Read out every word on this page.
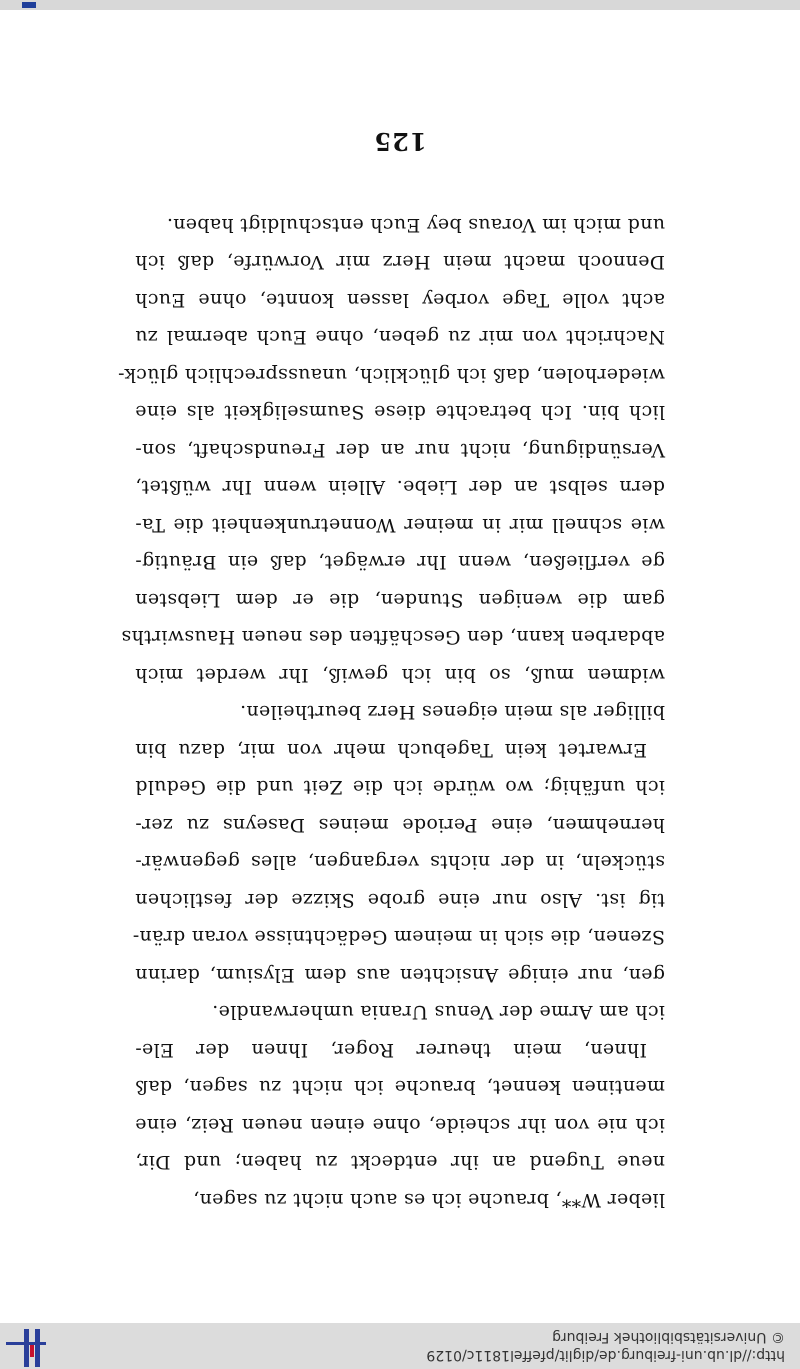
http://dl.ub.uni-freiburg.de/diglit/pfeffel1811c/0129
© Universitätsbibliothek Freiburg
125
und mich im Voraus bey Euch entschuldigt haben.
Dennoch macht mein Herz mir Vorwürfe, daß ich
acht volle Tage vorbey lassen konnte, ohne Euch
Nachricht von mir zu geben, ohne Euch abermal zu
wiederholen, daß ich glücklich, unaussprechlich glück-
lich bin. Ich betrachte diese Saumseligkeit als eine
Versündigung, nicht nur an der Freundschaft, son-
dern selbst an der Liebe. Allein wenn Ihr wüßtet,
wie schnell mir in meiner Wonnetrunkenheit die Ta-
ge verfließen, wenn Ihr erwäget, daß ein Bräutig-
gam die wenigen Stunden, die er dem Liebsten
abdarben kann, den Geschäften des neuen Hauswirths
widmen muß, so bin ich gewiß, Ihr werdet mich
billiger als mein eigenes Herz beurtheilen.
Erwartet kein Tagebuch mehr von mir, dazu bin
ich unfähig; wo würde ich die Zeit und die Geduld
hernehmen, eine Periode meines Daseyns zu zer-
stückeln, in der nichts vergangen, alles gegenwär-
tig ist. Also nur eine grobe Skizze der festlichen
Szenen, die sich in meinem Gedächtnisse voran drän-
gen, nur einige Ansichten aus dem Elysium, darinn
ich am Arme der Venus Urania umherwandle.
Ihnen, mein theurer Roger, Ihnen der Ele-
mentinen kennet, brauche ich nicht zu sagen, daß
ich nie von ihr scheide, ohne einen neuen Reiz, eine
neue Tugend an ihr entdeckt zu haben; und Dir,
lieber W**, brauche ich es auch nicht zu sagen,
